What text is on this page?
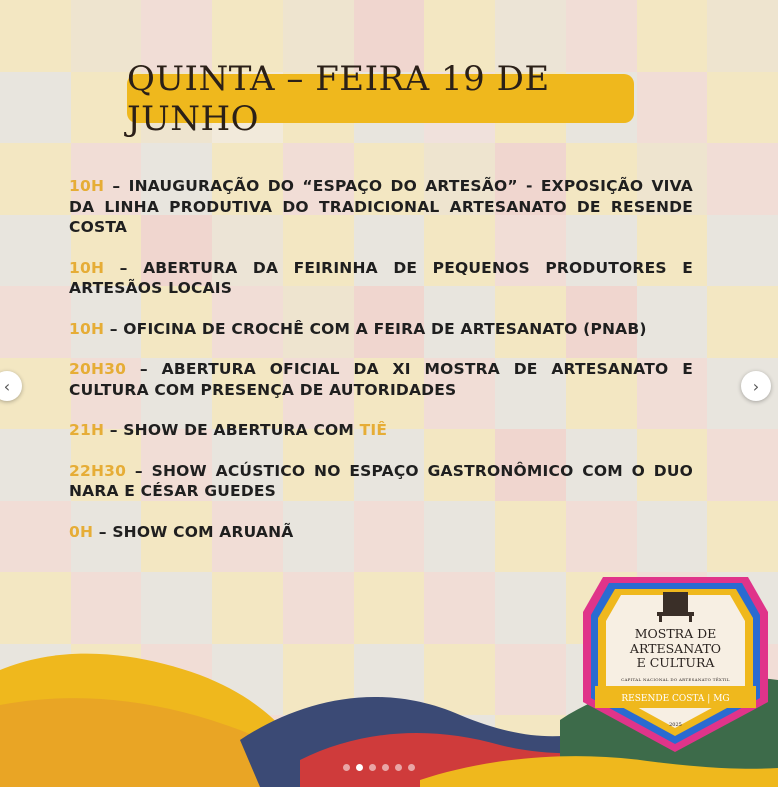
QUINTA – FEIRA 19 DE JUNHO
10H – INAUGURAÇÃO DO “ESPAÇO DO ARTESÃO” - EXPOSIÇÃO VIVA DA LINHA PRODUTIVA DO TRADICIONAL ARTESANATO DE RESENDE COSTA
10H – ABERTURA DA FEIRINHA DE PEQUENOS PRODUTORES E ARTESÃOS LOCAIS
10H – OFICINA DE CROCHÊ COM A FEIRA DE ARTESANATO (PNAB)
20H30 – ABERTURA OFICIAL DA XI MOSTRA DE ARTESANATO E CULTURA COM PRESENÇA DE AUTORIDADES
21H – SHOW DE ABERTURA COM TIÊ
22H30 – SHOW ACÚSTICO NO ESPAÇO GASTRONÔMICO COM O DUO NARA E CÉSAR GUEDES
0H – SHOW COM ARUANÃ
‹	›
MOSTRA DE
ARTESANATO
E CULTURA
CAPITAL NACIONAL DO ARTESANATO TÊXTIL
RESENDE COSTA | MG
2025
